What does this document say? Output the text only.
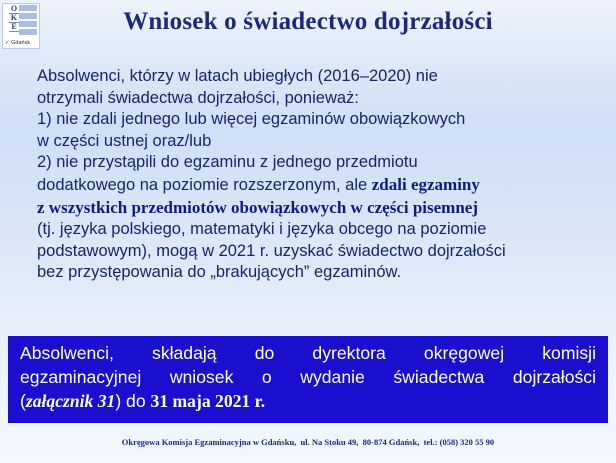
O
K
E
✓ Gdańsk
Wniosek o świadectwo dojrzałości

Absolwenci, którzy w latach ubiegłych (2016–2020) nie

otrzymali świadectwa dojrzałości, ponieważ:

1) nie zdali jednego lub więcej egzaminów obowiązkowych

w części ustnej oraz/lub

2) nie przystąpili do egzaminu z jednego przedmiotu

dodatkowego na poziomie rozszerzonym, ale zdali egzaminy

z wszystkich przedmiotów obowiązkowych w części pisemnej

(tj. języka polskiego, matematyki i języka obcego na poziomie

podstawowym), mogą w 2021 r. uzyskać świadectwo dojrzałości

bez przystępowania do „brakujących” egzaminów.

Absolwenci, składają do dyrektora okręgowej komisji
egzaminacyjnej wniosek o wydanie świadectwa dojrzałości
(załącznik 31) do 31 maja 2021 r.
Okręgowa Komisja Egzaminacyjna w Gdańsku,  ul. Na Stoku 49,  80-874 Gdańsk,  tel.: (058) 320 55 90
